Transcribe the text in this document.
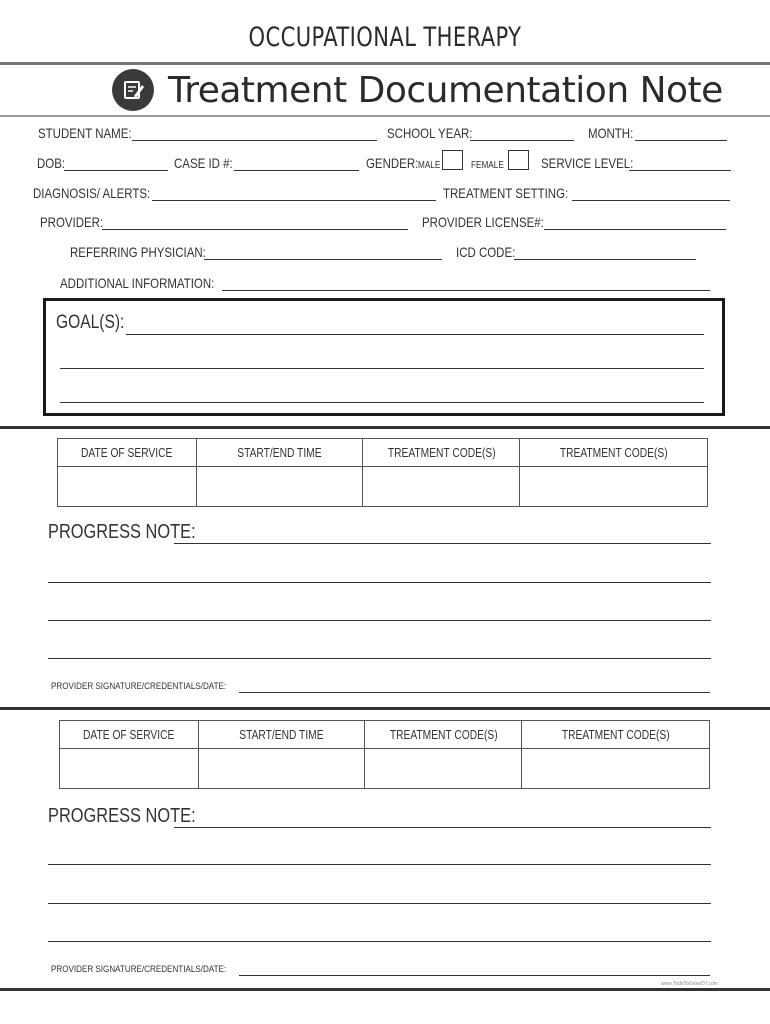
OCCUPATIONAL THERAPY
Treatment Documentation Note
STUDENT NAME:	SCHOOL YEAR:	MONTH:
DOB:	CASE ID #:	GENDER: MALE	FEMALE	SERVICE LEVEL:
DIAGNOSIS/ ALERTS:	TREATMENT SETTING:
PROVIDER:	PROVIDER LICENSE#:
REFERRING PHYSICIAN:	ICD CODE:
ADDITIONAL INFORMATION:
GOAL(S):
DATE OF SERVICE	START/END TIME	TREATMENT CODE(S)	TREATMENT CODE(S)

PROGRESS NOTE:
PROVIDER SIGNATURE/CREDENTIALS/DATE:
DATE OF SERVICE	START/END TIME	TREATMENT CODE(S)	TREATMENT CODE(S)

PROGRESS NOTE:
PROVIDER SIGNATURE/CREDENTIALS/DATE:
www.TodsToGrowOT.com
